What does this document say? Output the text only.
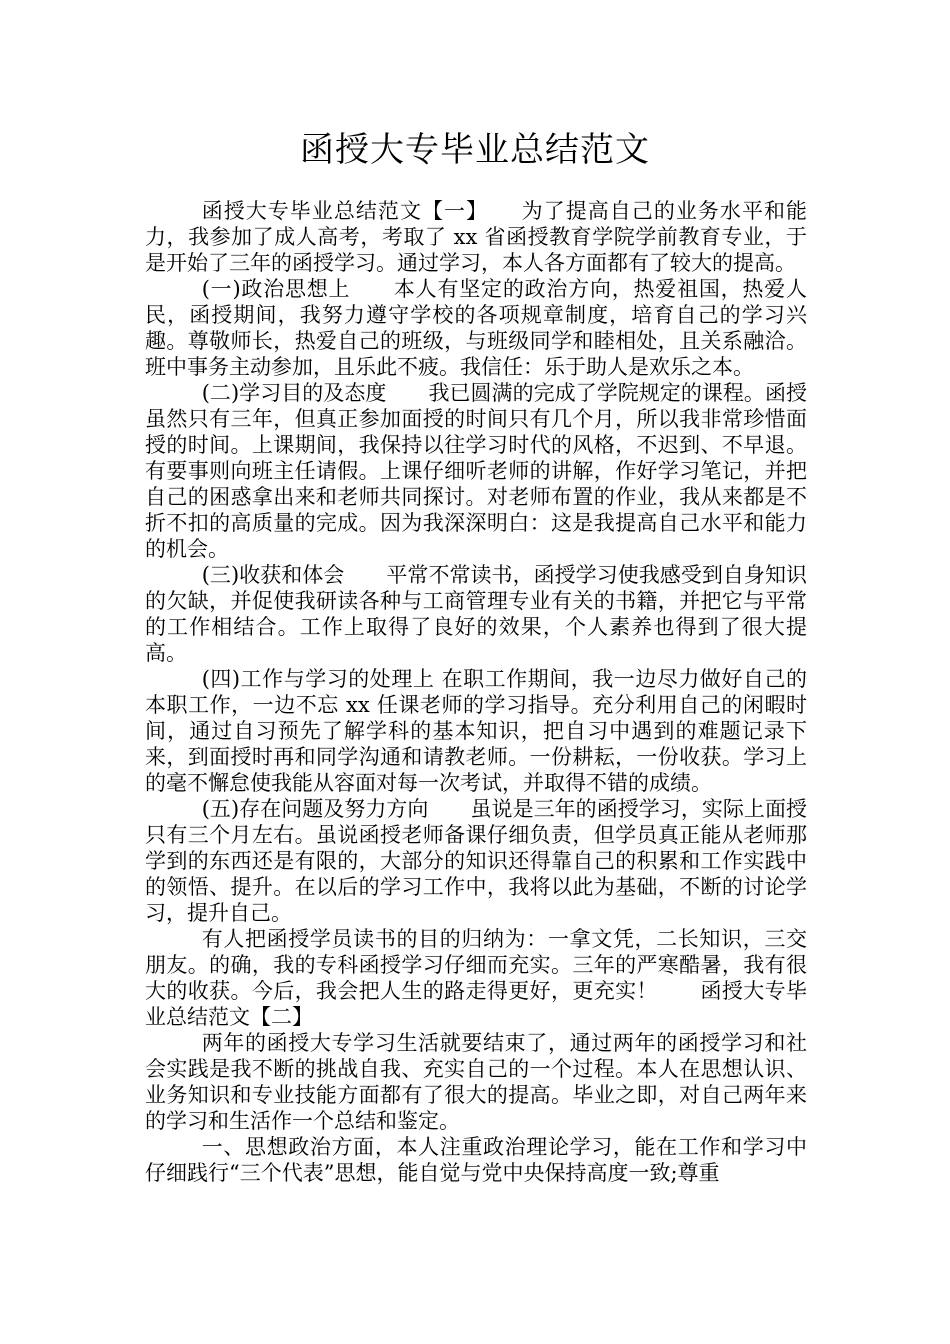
函授大专毕业总结范文

函授大专毕业总结范文【一】　　为了提高自己的业务水平和能力，我参加了成人高考，考取了 xx 省函授教育学院学前教育专业，于是开始了三年的函授学习。通过学习，本人各方面都有了较大的提高。

(一)政治思想上　　本人有坚定的政治方向，热爱祖国，热爱人民，函授期间，我努力遵守学校的各项规章制度，培育自己的学习兴趣。尊敬师长，热爱自己的班级，与班级同学和睦相处，且关系融洽。班中事务主动参加，且乐此不疲。我信任：乐于助人是欢乐之本。

(二)学习目的及态度　　我已圆满的完成了学院规定的课程。函授虽然只有三年，但真正参加面授的时间只有几个月，所以我非常珍惜面授的时间。上课期间，我保持以往学习时代的风格，不迟到、不早退。有要事则向班主任请假。上课仔细听老师的讲解，作好学习笔记，并把自己的困惑拿出来和老师共同探讨。对老师布置的作业，我从来都是不折不扣的高质量的完成。因为我深深明白：这是我提高自己水平和能力的机会。

(三)收获和体会　　平常不常读书，函授学习使我感受到自身知识的欠缺，并促使我研读各种与工商管理专业有关的书籍，并把它与平常的工作相结合。工作上取得了良好的效果，个人素养也得到了很大提高。

(四)工作与学习的处理上 在职工作期间，我一边尽力做好自己的本职工作，一边不忘 xx 任课老师的学习指导。充分利用自己的闲暇时间，通过自习预先了解学科的基本知识，把自习中遇到的难题记录下来，到面授时再和同学沟通和请教老师。一份耕耘，一份收获。学习上的毫不懈怠使我能从容面对每一次考试，并取得不错的成绩。

(五)存在问题及努力方向　　虽说是三年的函授学习，实际上面授只有三个月左右。虽说函授老师备课仔细负责，但学员真正能从老师那学到的东西还是有限的，大部分的知识还得靠自己的积累和工作实践中的领悟、提升。在以后的学习工作中，我将以此为基础，不断的讨论学习，提升自己。

有人把函授学员读书的目的归纳为：一拿文凭，二长知识，三交朋友。的确，我的专科函授学习仔细而充实。三年的严寒酷暑，我有很大的收获。今后，我会把人生的路走得更好，更充实！　　函授大专毕业总结范文【二】

两年的函授大专学习生活就要结束了，通过两年的函授学习和社会实践是我不断的挑战自我、充实自己的一个过程。本人在思想认识、业务知识和专业技能方面都有了很大的提高。毕业之即，对自己两年来的学习和生活作一个总结和鉴定。

一、思想政治方面，本人注重政治理论学习，能在工作和学习中仔细践行“三个代表”思想，能自觉与党中央保持高度一致;尊重
